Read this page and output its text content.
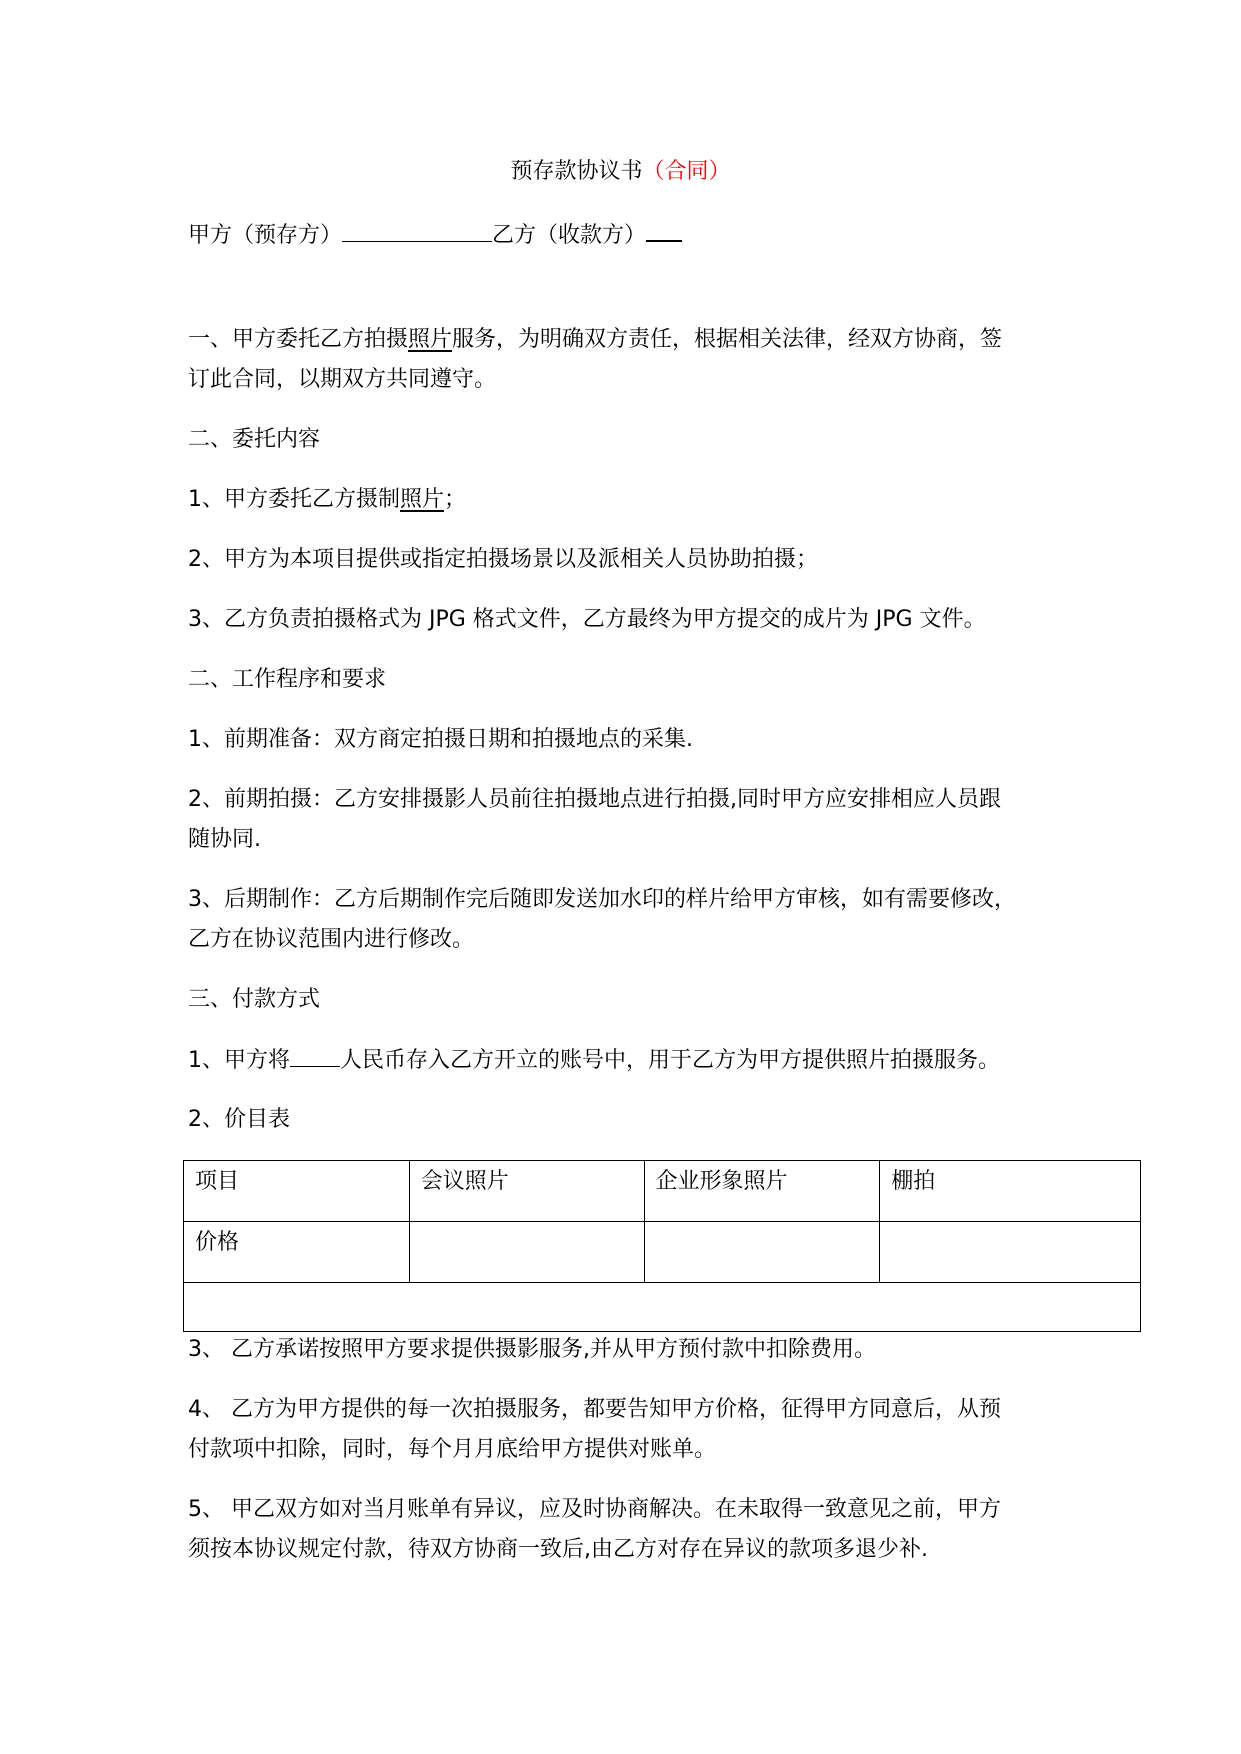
预存款协议书（合同）

甲方（预存方）	乙方（收款方）

一、甲方委托乙方拍摄照片服务，为明确双方责任，根据相关法律，经双方协商，签

订此合同，以期双方共同遵守。

二、委托内容

1、甲方委托乙方摄制照片；

2、甲方为本项目提供或指定拍摄场景以及派相关人员协助拍摄；

3、乙方负责拍摄格式为 JPG 格式文件，乙方最终为甲方提交的成片为 JPG 文件。

二、工作程序和要求

1、前期准备：双方商定拍摄日期和拍摄地点的采集.

2、前期拍摄：乙方安排摄影人员前往拍摄地点进行拍摄,同时甲方应安排相应人员跟

随协同.

3、后期制作：乙方后期制作完后随即发送加水印的样片给甲方审核，如有需要修改，

乙方在协议范围内进行修改。

三、付款方式

1、甲方将 人民币存入乙方开立的账号中，用于乙方为甲方提供照片拍摄服务。

2、价目表

项目	会议照片	企业形象照片	棚拍
价格			

3、 乙方承诺按照甲方要求提供摄影服务,并从甲方预付款中扣除费用。

4、 乙方为甲方提供的每一次拍摄服务，都要告知甲方价格，征得甲方同意后，从预

付款项中扣除，同时，每个月月底给甲方提供对账单。

5、 甲乙双方如对当月账单有异议，应及时协商解决。在未取得一致意见之前，甲方

须按本协议规定付款，待双方协商一致后,由乙方对存在异议的款项多退少补.
